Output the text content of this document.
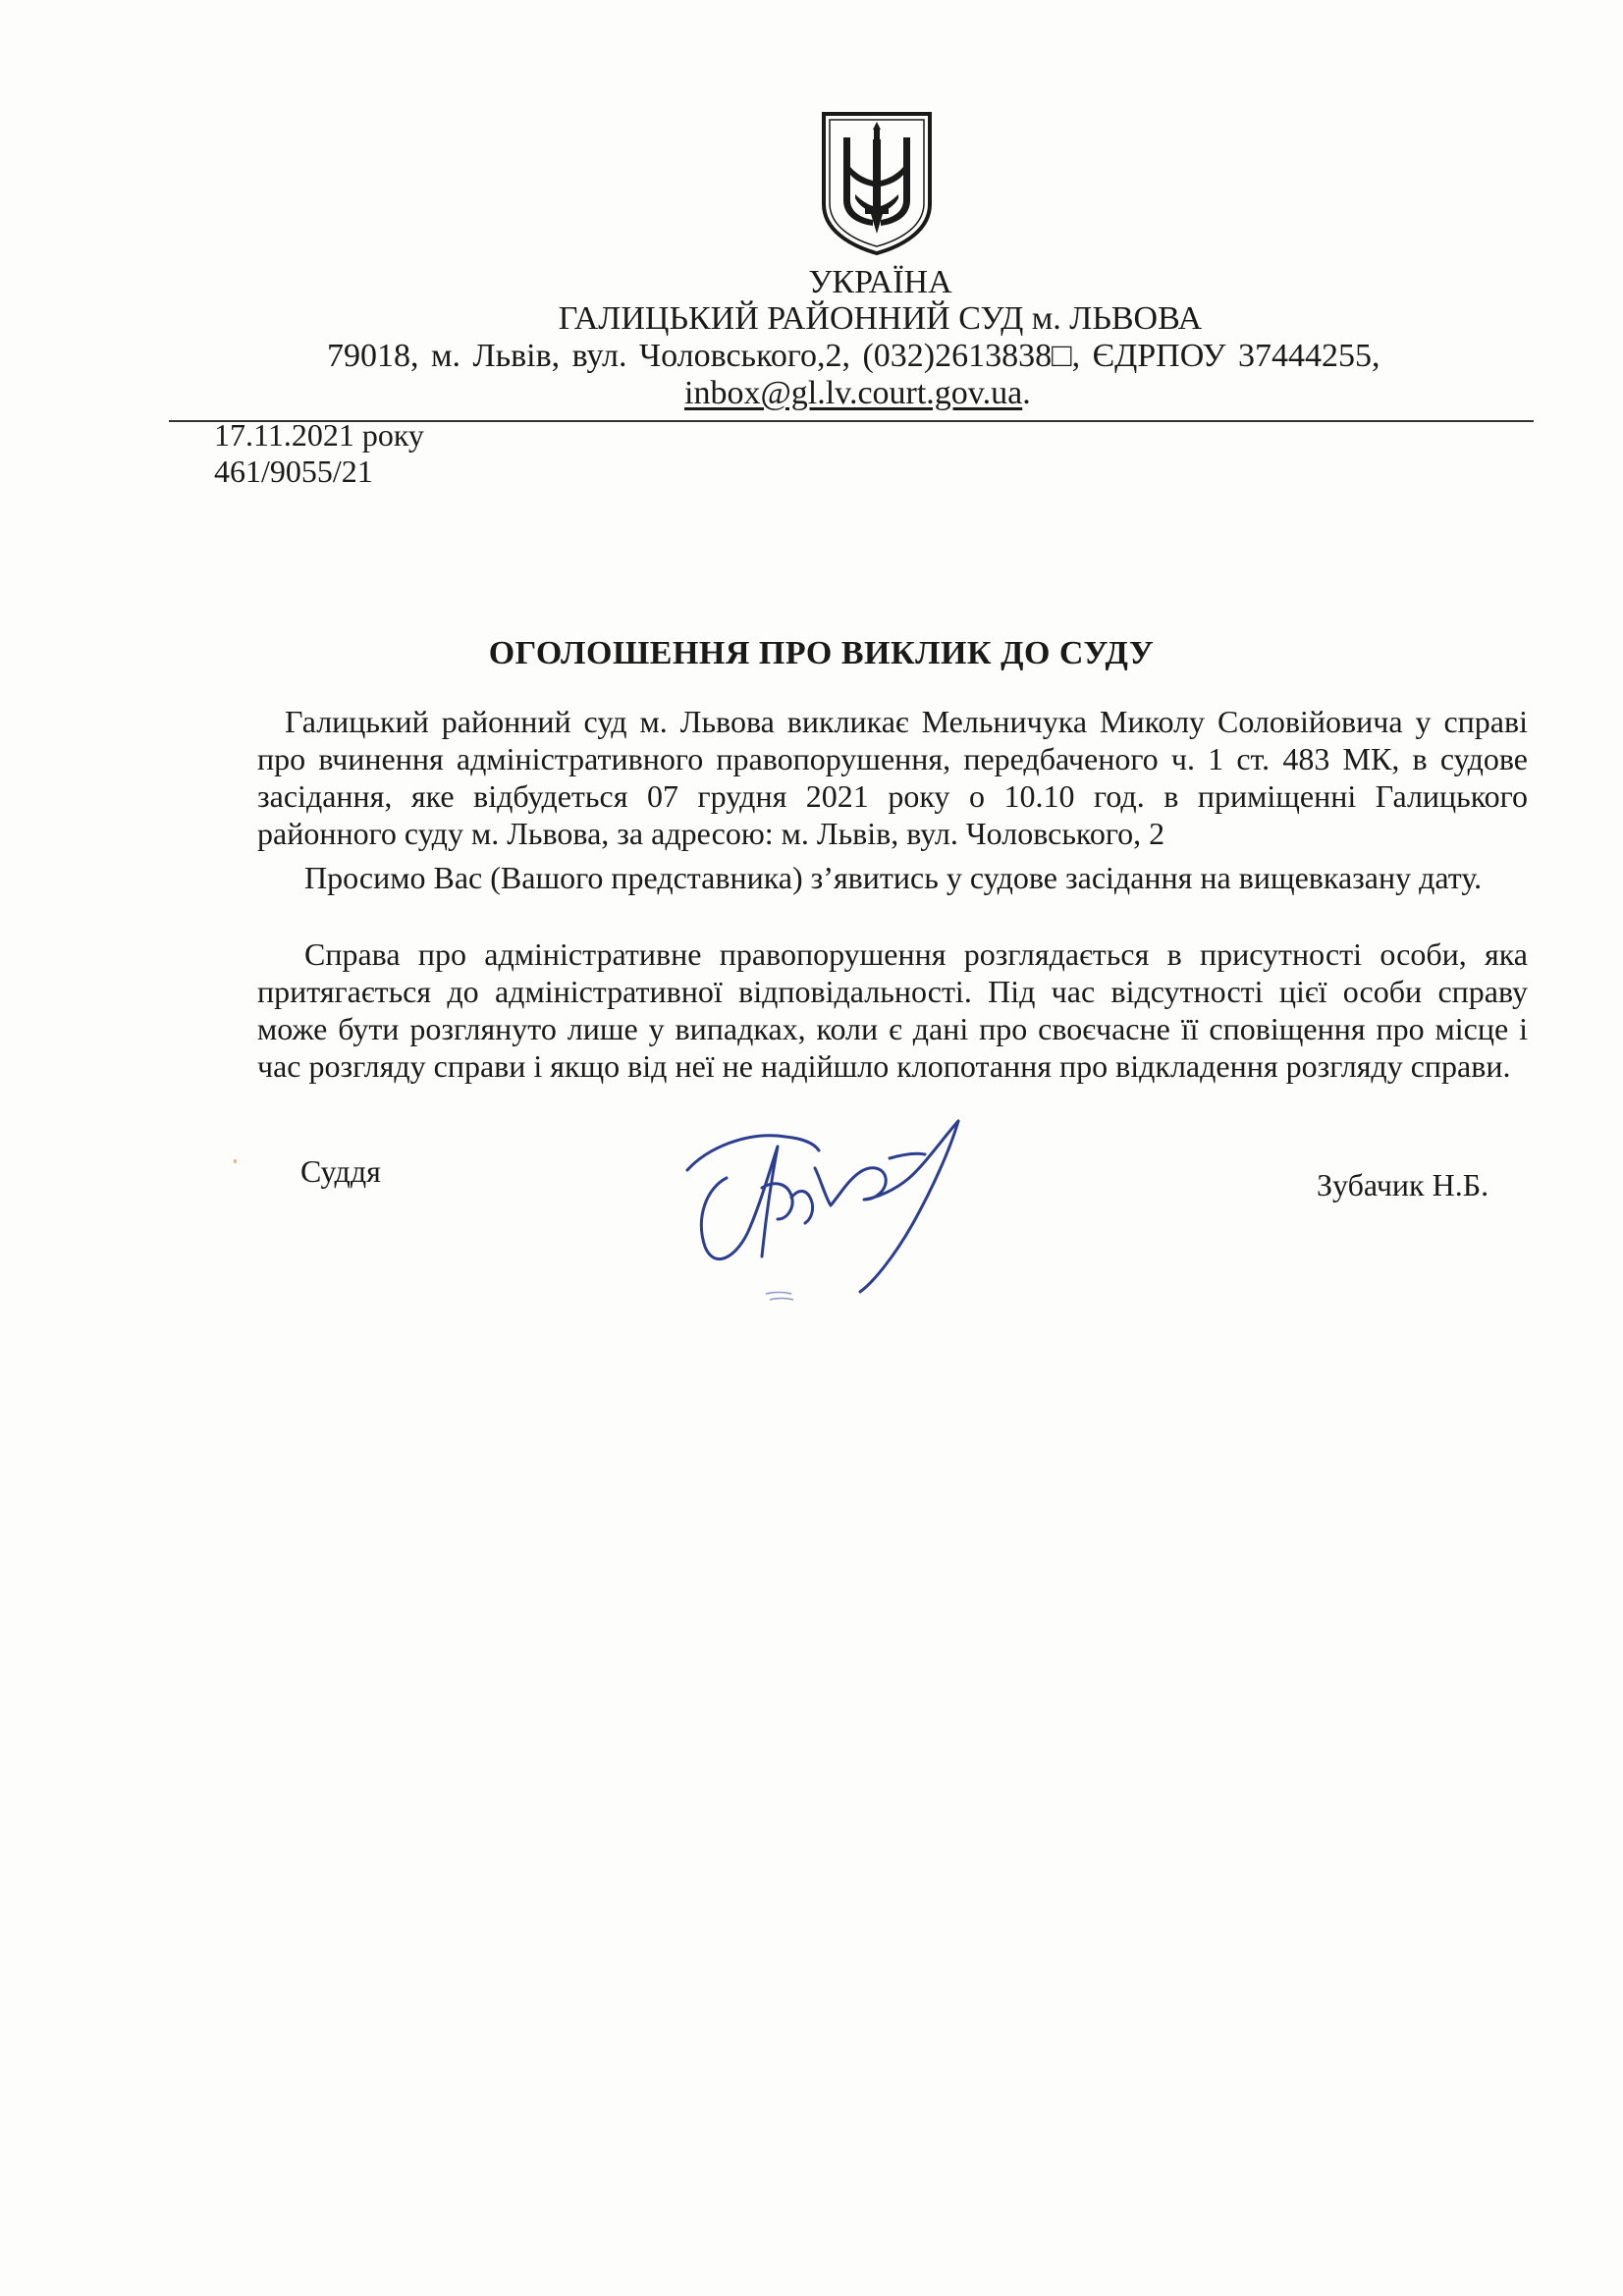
УКРАЇНА
ГАЛИЦЬКИЙ РАЙОННИЙ СУД м. ЛЬВОВА
79018, м. Львів, вул. Чоловського,2, (032)2613838□, ЄДРПОУ 37444255,
inbox@gl.lv.court.gov.ua.
17.11.2021 року
461/9055/21
ОГОЛОШЕННЯ ПРО ВИКЛИК ДО СУДУ

Галицький районний суд м. Львова викликає Мельничука Миколу Соловійовича у справі про вчинення адміністративного правопорушення, передбаченого ч. 1 ст. 483 МК, в судове засідання, яке відбудеться 07 грудня 2021 року о 10.10 год. в приміщенні Галицького районного суду м. Львова, за адресою: м. Львів, вул. Чоловського, 2

Просимо Вас (Вашого представника) з’явитись у судове засідання на вищевказану дату.

Справа про адміністративне правопорушення розглядається в присутності особи, яка притягається до адміністративної відповідальності. Під час відсутності цієї особи справу може бути розглянуто лише у випадках, коли є дані про своєчасне її сповіщення про місце і час розгляду справи і якщо від неї не надійшло клопотання про відкладення розгляду справи.

Суддя	Зубачик Н.Б.
